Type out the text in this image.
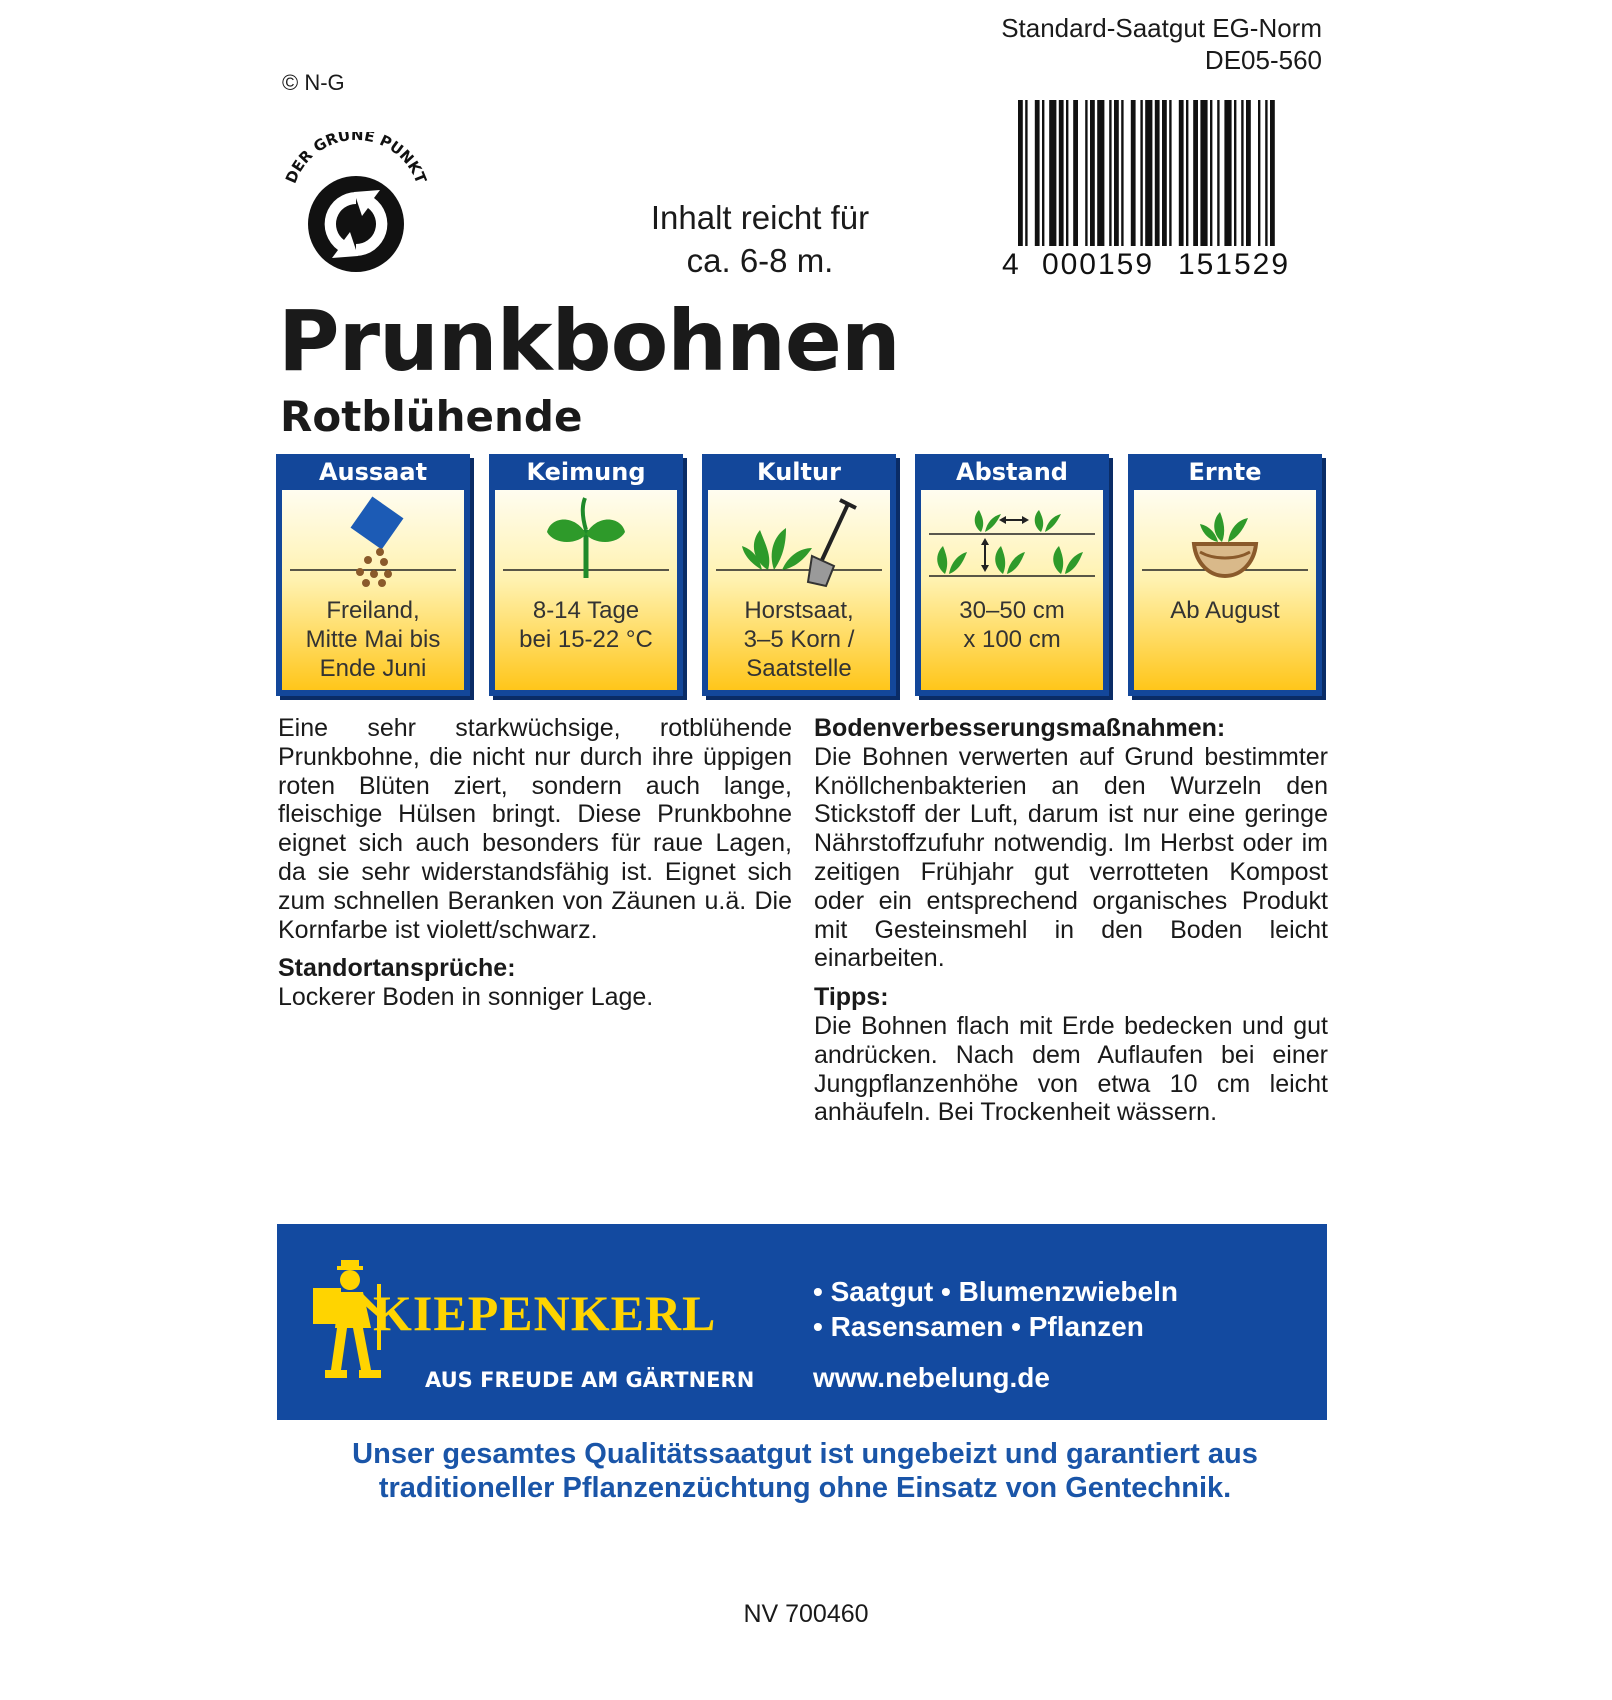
Standard-Saatgut EG-Norm
DE05-560
© N-G
DER GRÜNE PUNKT
Inhalt reicht für
ca. 6-8 m.	4 000159 151529
Prunkbohnen
Rotblühende
Aussaat
Freiland,
Mitte Mai bis
Ende Juni
Keimung
8-14 Tage
bei 15-22 °C
Kultur
Horstsaat,
3–5 Korn /
Saatstelle
Abstand
30–50 cm
x 100 cm
Ernte
Ab August

Eine sehr starkwüchsige, rotblühende Prunkbohne, die nicht nur durch ihre üppigen roten Blüten ziert, sondern auch lange, fleischige Hülsen bringt. Diese Prunkbohne eignet sich auch besonders für raue Lagen, da sie sehr widerstandsfähig ist. Eignet sich zum schnellen Beranken von Zäunen u.ä. Die Kornfarbe ist violett/schwarz.

Standortansprüche:

Lockerer Boden in sonniger Lage.

Bodenverbesserungsmaßnahmen:

Die Bohnen verwerten auf Grund bestimmter Knöllchenbakterien an den Wurzeln den Stickstoff der Luft, darum ist nur eine geringe Nährstoffzufuhr notwendig. Im Herbst oder im zeitigen Frühjahr gut verrotteten Kompost oder ein entsprechend organisches Produkt mit Gesteinsmehl in den Boden leicht einarbeiten.

Tipps:

Die Bohnen flach mit Erde bedecken und gut andrücken. Nach dem Auflaufen bei einer Jungpflanzenhöhe von etwa 10 cm leicht anhäufeln. Bei Trockenheit wässern.

KIEPENKERL
AUS FREUDE AM GÄRTNERN
• Saatgut • Blumenzwiebeln
• Rasensamen • Pflanzen
www.nebelung.de
Unser gesamtes Qualitätssaatgut ist ungebeizt und garantiert aus
traditioneller Pflanzenzüchtung ohne Einsatz von Gentechnik.
NV 700460
